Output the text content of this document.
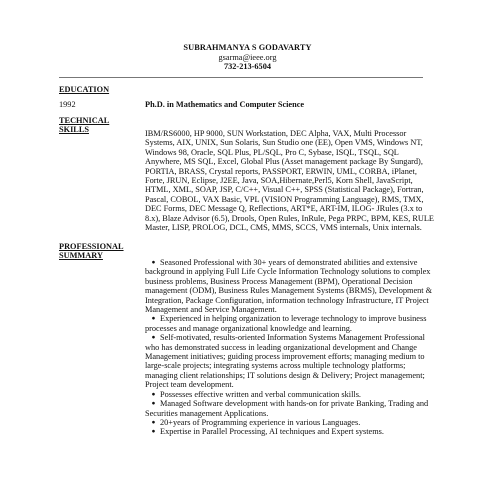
SUBRAHMANYA S GODAVARTY
gsarma@ieee.org
732-213-6504
EDUCATION
1992	Ph.D. in Mathematics and Computer Science
TECHNICAL SKILLS	IBM/RS6000, HP 9000, SUN Workstation, DEC Alpha, VAX, Multi Processor Systems, AIX, UNIX, Sun Solaris, Sun Studio one (EE), Open VMS, Windows NT, Windows 98, Oracle, SQL Plus, PL/SQL, Pro C, Sybase, ISQL, TSQL, SQL Anywhere, MS SQL, Excel, Global Plus (Asset management package By Sungard), PORTIA, BRASS, Crystal reports, PASSPORT, ERWIN, UML, CORBA, iPlanet, Forte, JRUN, Eclipse, J2EE, Java, SOA,Hibernate,Perl5, Korn Shell, JavaScript, HTML, XML, SOAP, JSP, C/C++, Visual C++, SPSS (Statistical Package), Fortran, Pascal, COBOL, VAX Basic, VPL (VISION Programming Language), RMS, TMX, DEC Forms, DEC Message Q, Reflections, ART*E, ART-IM, ILOG- JRules (3.x to 8.x), Blaze Advisor (6.5), Drools, Open Rules, InRule, Pega PRPC, BPM, KES, RULE Master, LISP, PROLOG, DCL, CMS, MMS, SCCS, VMS internals, Unix internals.
PROFESSIONAL SUMMARY
● Seasoned Professional with 30+ years of demonstrated abilities and extensive background in applying Full Life Cycle Information Technology solutions to complex business problems, Business Process Management (BPM), Operational Decision management (ODM), Business Rules Management Systems (BRMS), Development & Integration, Package Configuration, information technology Infrastructure, IT Project Management and Service Management.
● Experienced in helping organization to leverage technology to improve business processes and manage organizational knowledge and learning.
● Self-motivated, results-oriented Information Systems Management Professional who has demonstrated success in leading organizational development and Change Management initiatives; guiding process improvement efforts; managing medium to large-scale projects; integrating systems across multiple technology platforms; managing client relationships; IT solutions design & Delivery; Project management; Project team development.
● Possesses effective written and verbal communication skills.
● Managed Software development with hands-on for private Banking, Trading and Securities management Applications.
● 20+years of Programming experience in various Languages.
● Expertise in Parallel Processing, AI techniques and Expert systems.
